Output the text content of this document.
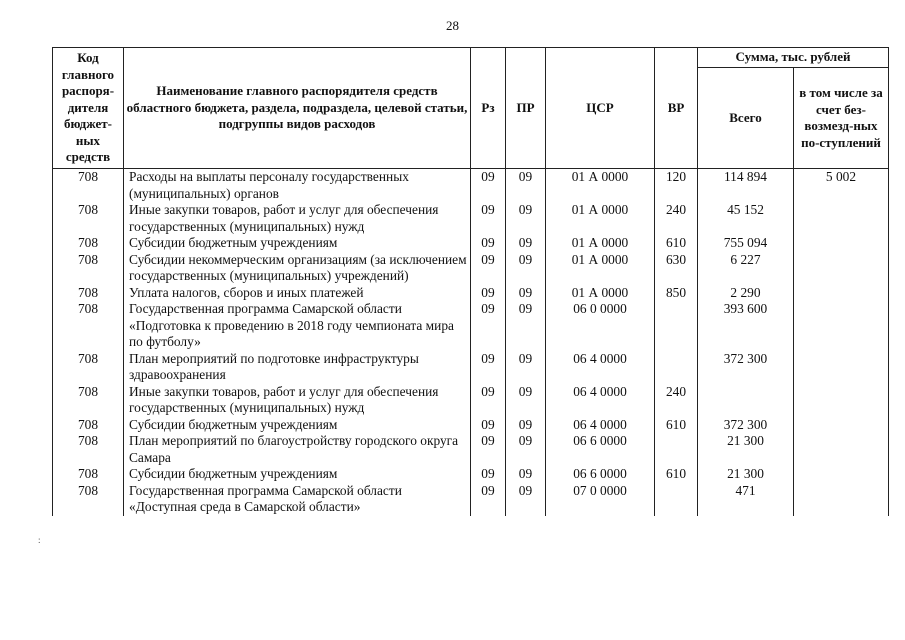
28
:
Код главного распоря-дителя бюджет-ных средств	Наименование главного распорядителя средств областного бюджета, раздела, подраздела, целевой статьи, подгруппы видов расходов	Рз	ПР	ЦСР	ВР	Сумма, тыс. рублей	
						Всего	в том числе за счет без-возмезд-ных по-ступлений
708	Расходы на выплаты персоналу государственных (муниципальных) органов	09	09	01 А 0000	120	114 894	5 002
708	Иные закупки товаров, работ и услуг для обеспечения государственных (муниципальных) нужд	09	09	01 А 0000	240	45 152	
708	Субсидии бюджетным учреждениям	09	09	01 А 0000	610	755 094	
708	Субсидии некоммерческим организациям (за исключением государственных (муниципальных) учреждений)	09	09	01 А 0000	630	6 227	
708	Уплата налогов, сборов и иных платежей	09	09	01 А 0000	850	2 290	
708	Государственная программа Самарской области «Подготовка к проведению в 2018 году чемпионата мира по футболу»	09	09	06 0 0000		393 600	
708	План мероприятий по подготовке инфраструктуры здравоохранения	09	09	06 4 0000		372 300	
708	Иные закупки товаров, работ и услуг для обеспечения государственных (муниципальных) нужд	09	09	06 4 0000	240		
708	Субсидии бюджетным учреждениям	09	09	06 4 0000	610	372 300	
708	План мероприятий по благоустройству городского округа Самара	09	09	06 6 0000		21 300	
708	Субсидии бюджетным учреждениям	09	09	06 6 0000	610	21 300	
708	Государственная программа Самарской области «Доступная среда в Самарской области»	09	09	07 0 0000		471	
